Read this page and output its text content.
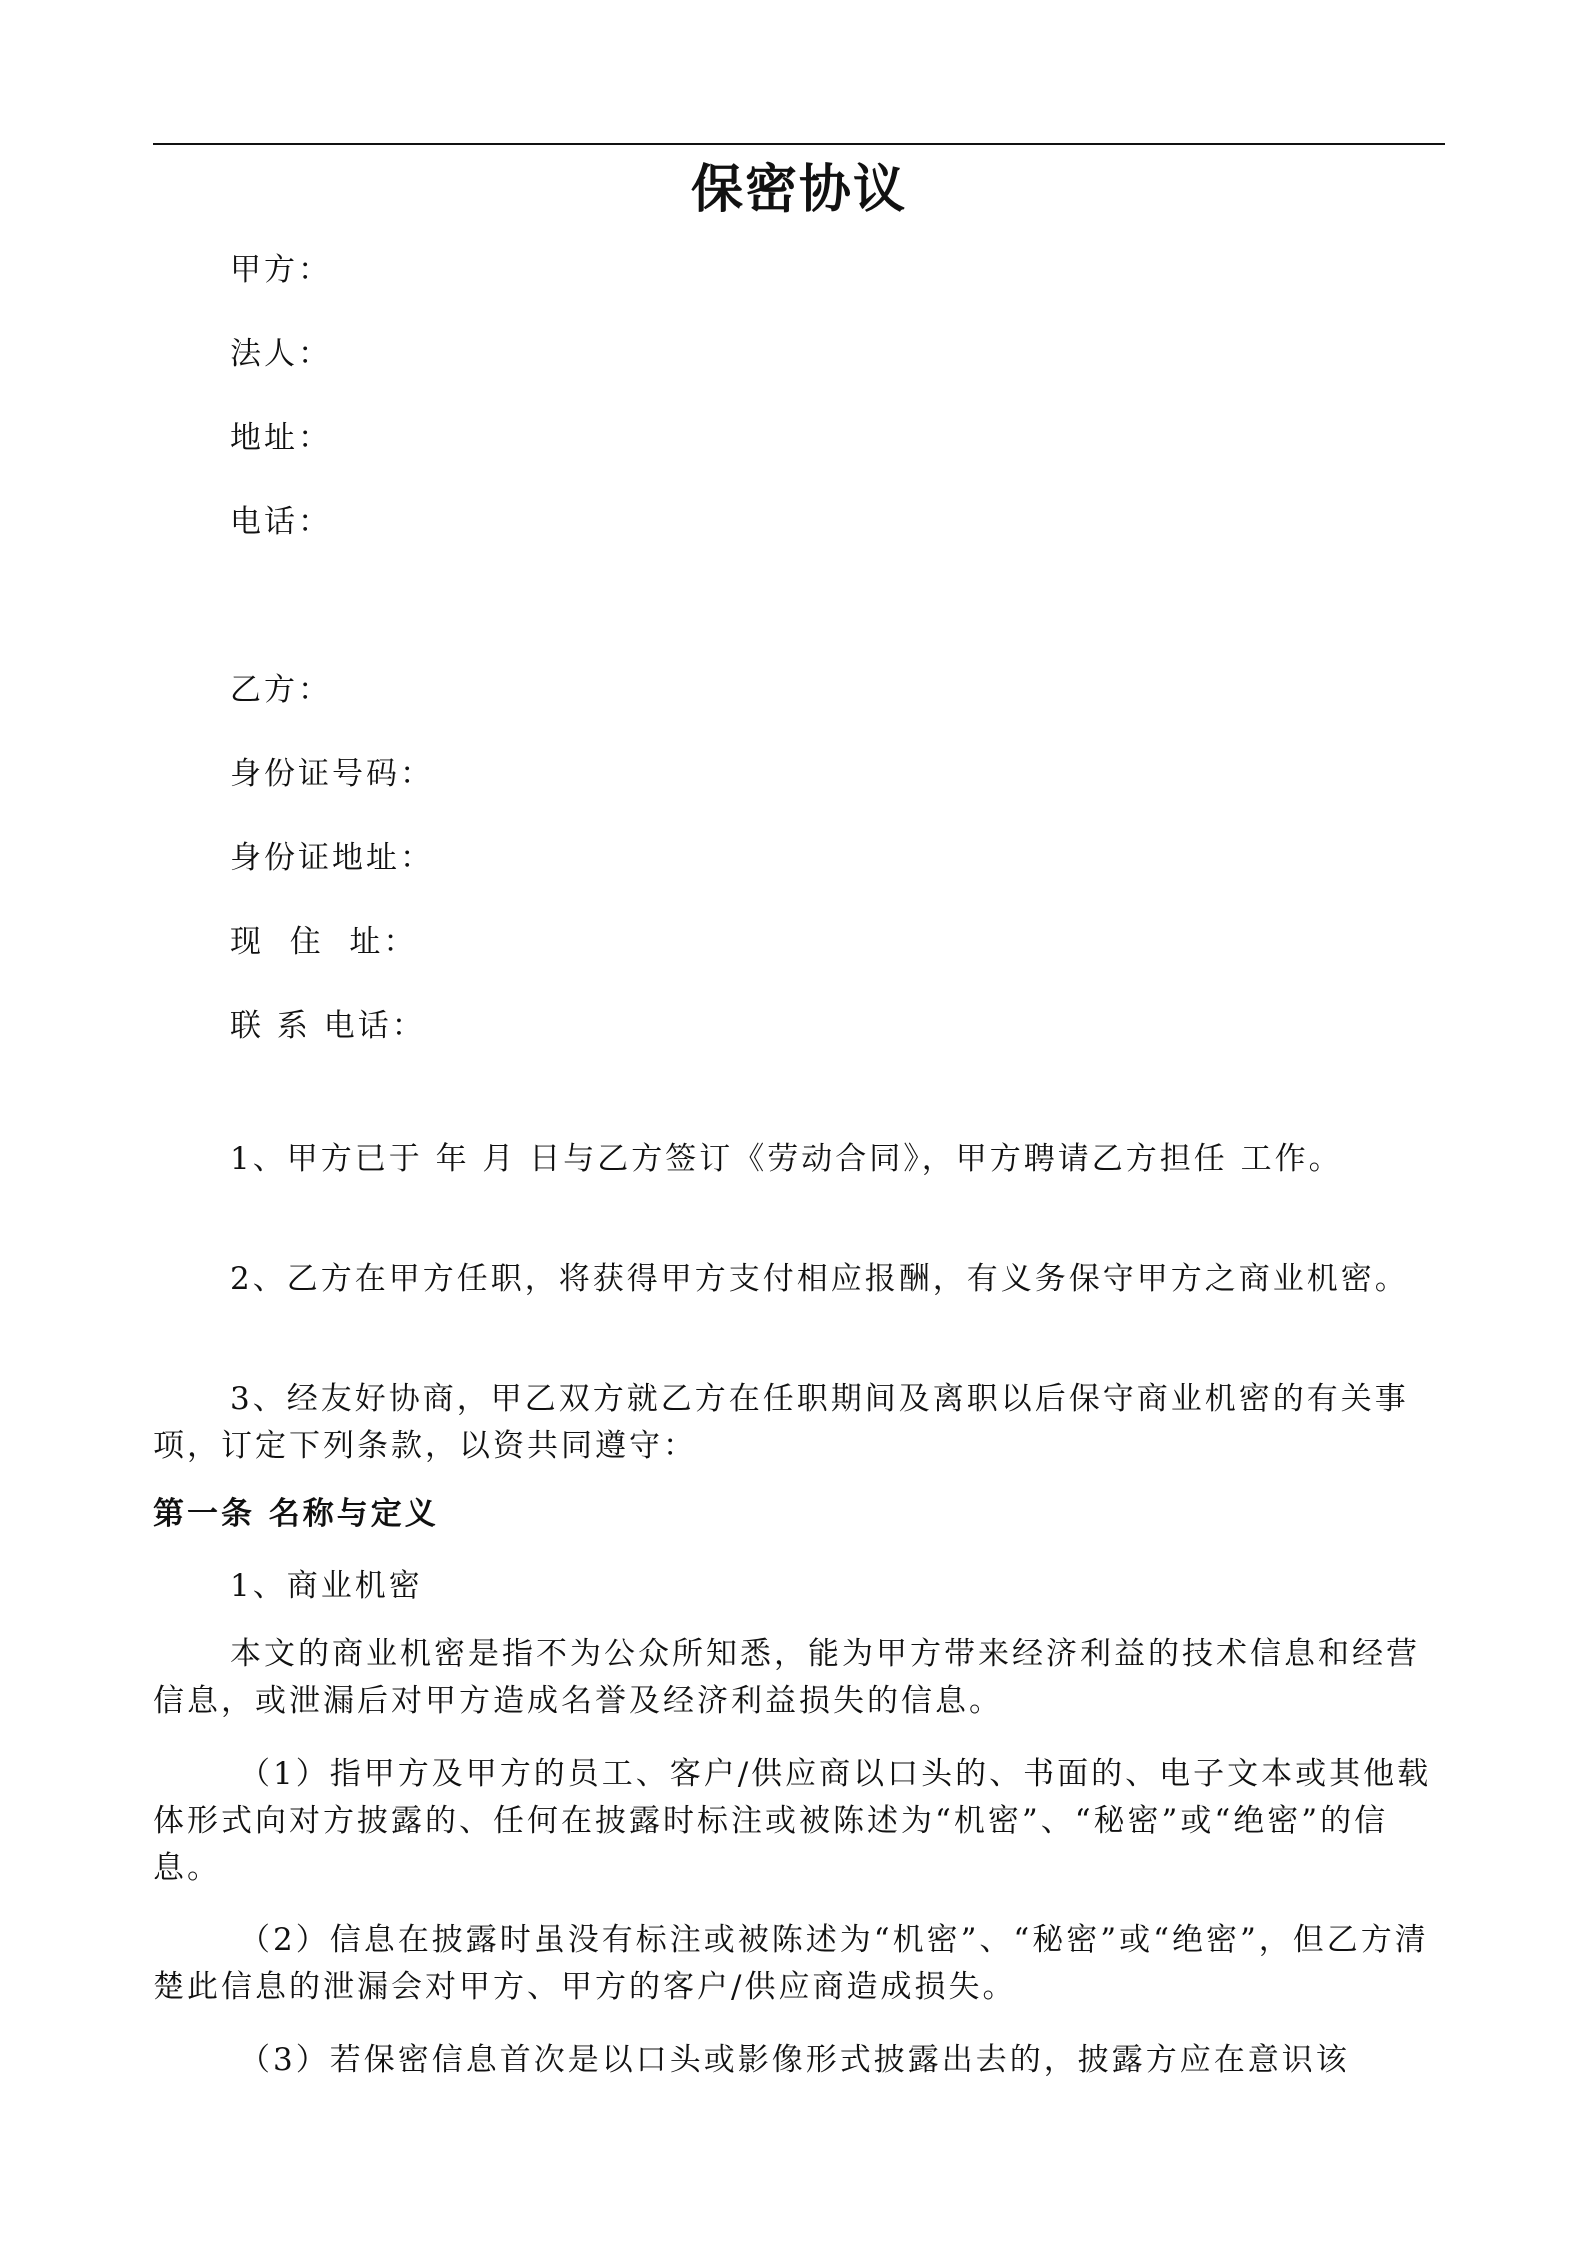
保密协议

甲方：

法人：

地址：

电话：

乙方：

身份证号码：

身份证地址：

现  住  址：

联 系 电话：

1、甲方已于 年 月 日与乙方签订《劳动合同》，甲方聘请乙方担任 工作。

2、乙方在甲方任职，将获得甲方支付相应报酬，有义务保守甲方之商业机密。

3、经友好协商，甲乙双方就乙方在任职期间及离职以后保守商业机密的有关事项，订定下列条款，以资共同遵守：

第一条 名称与定义

1、商业机密

本文的商业机密是指不为公众所知悉，能为甲方带来经济利益的技术信息和经营信息，或泄漏后对甲方造成名誉及经济利益损失的信息。

（1）指甲方及甲方的员工、客户/供应商以口头的、书面的、电子文本或其他载体形式向对方披露的、任何在披露时标注或被陈述为“机密”、“秘密”或“绝密”的信息。

（2）信息在披露时虽没有标注或被陈述为“机密”、“秘密”或“绝密”，但乙方清楚此信息的泄漏会对甲方、甲方的客户/供应商造成损失。

（3）若保密信息首次是以口头或影像形式披露出去的，披露方应在意识该
